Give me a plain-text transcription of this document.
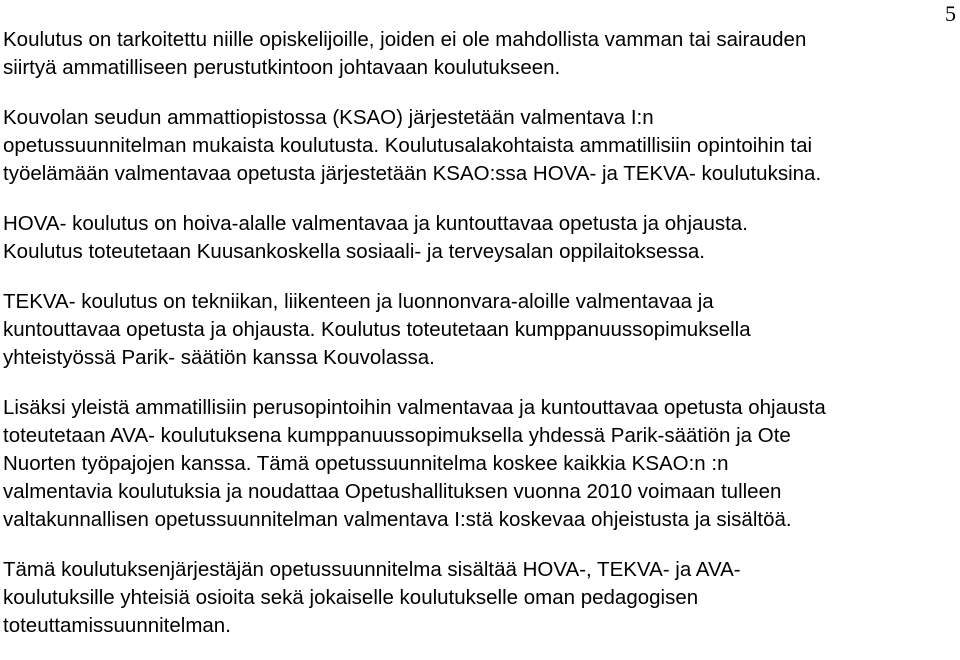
5

Koulutus on tarkoitettu niille opiskelijoille, joiden ei ole mahdollista vamman tai sairauden
siirtyä ammatilliseen perustutkintoon johtavaan koulutukseen.

Kouvolan seudun ammattiopistossa (KSAO) järjestetään valmentava I:n
opetussuunnitelman mukaista koulutusta. Koulutusalakohtaista ammatillisiin opintoihin tai
työelämään valmentavaa opetusta järjestetään KSAO:ssa HOVA- ja TEKVA- koulutuksina.

HOVA- koulutus on hoiva-alalle valmentavaa ja kuntouttavaa opetusta ja ohjausta.
Koulutus toteutetaan Kuusankoskella sosiaali- ja terveysalan oppilaitoksessa.

TEKVA- koulutus on tekniikan, liikenteen ja luonnonvara-aloille valmentavaa ja
kuntouttavaa opetusta ja ohjausta. Koulutus toteutetaan kumppanuussopimuksella
yhteistyössä Parik- säätiön kanssa Kouvolassa.

Lisäksi yleistä ammatillisiin perusopintoihin valmentavaa ja kuntouttavaa opetusta ohjausta
toteutetaan AVA- koulutuksena kumppanuussopimuksella yhdessä Parik-säätiön ja Ote
Nuorten työpajojen kanssa. Tämä opetussuunnitelma koskee kaikkia KSAO:n :n
valmentavia koulutuksia ja noudattaa Opetushallituksen vuonna 2010 voimaan tulleen
valtakunnallisen opetussuunnitelman valmentava I:stä koskevaa ohjeistusta ja sisältöä.

Tämä koulutuksenjärjestäjän opetussuunnitelma sisältää HOVA-, TEKVA- ja AVA-
koulutuksille yhteisiä osioita sekä jokaiselle koulutukselle oman pedagogisen
toteuttamissuunnitelman.
